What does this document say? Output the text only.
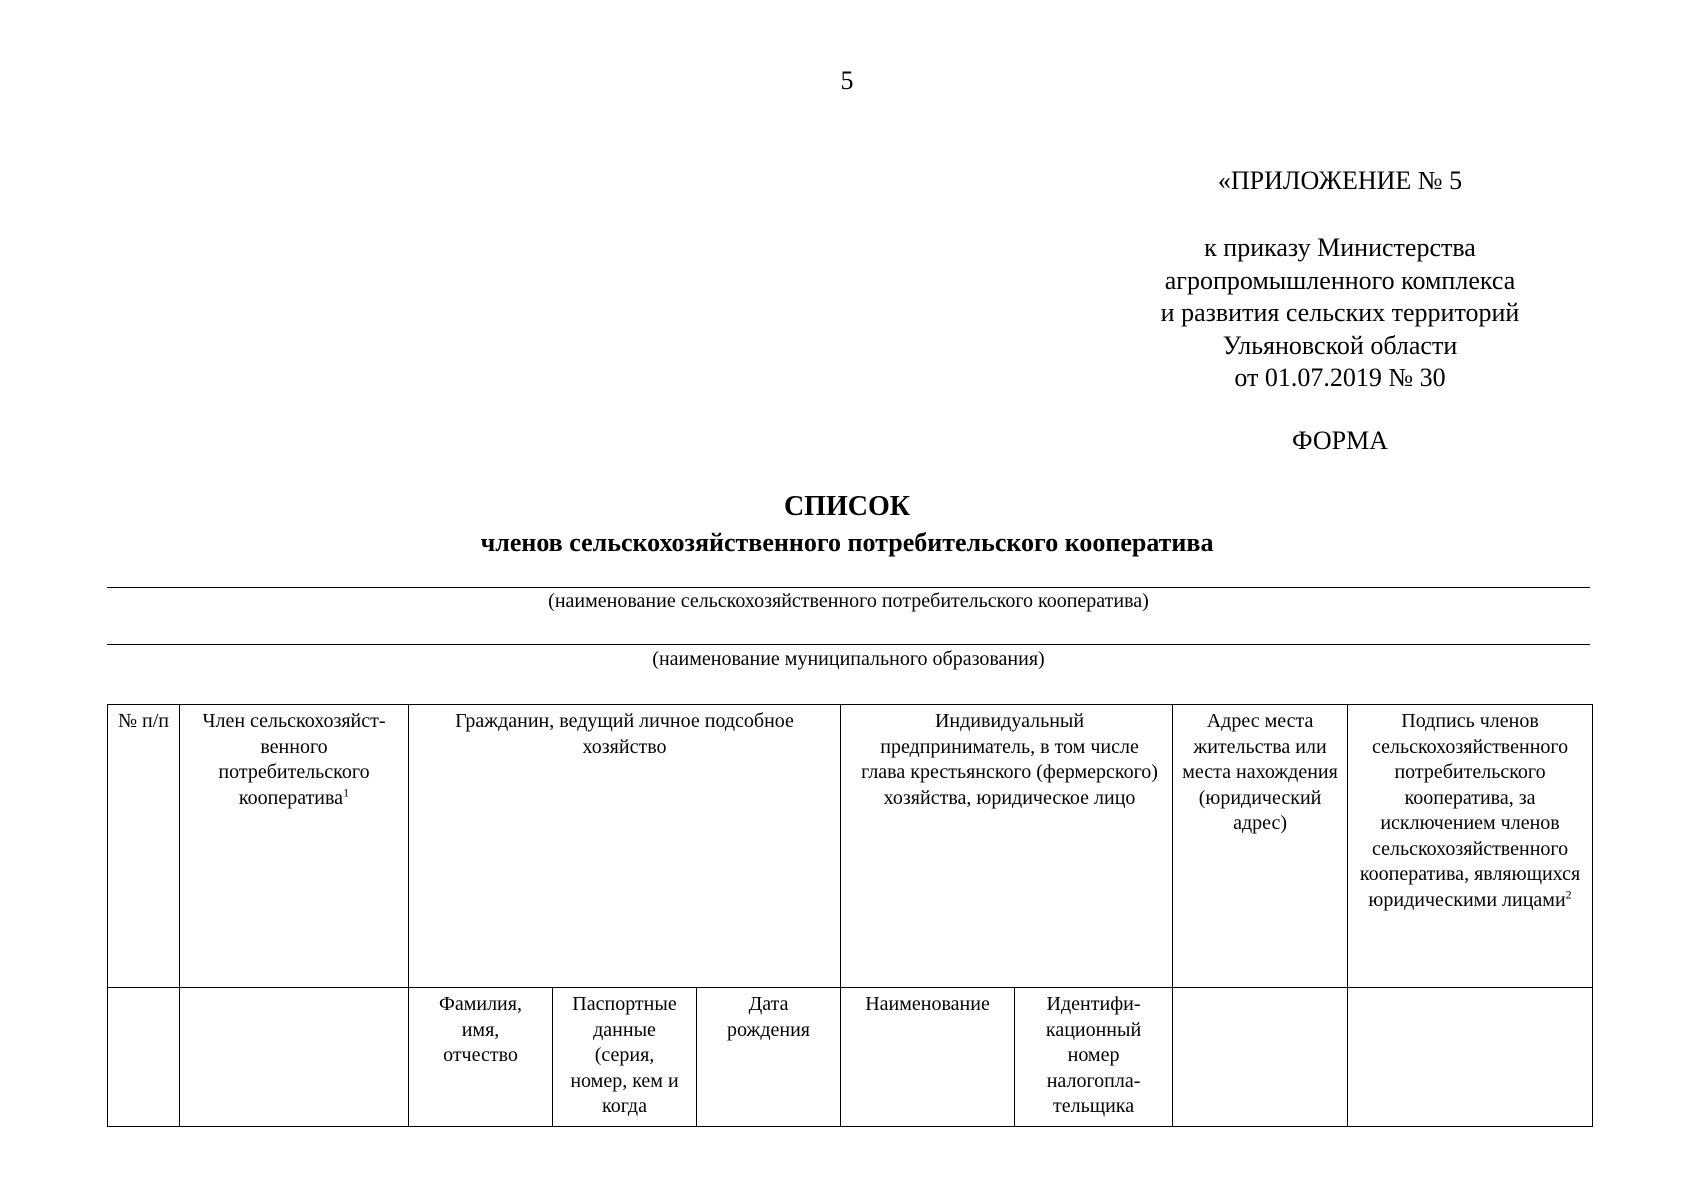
5
«ПРИЛОЖЕНИЕ № 5
к приказу Министерства
агропромышленного комплекса
и развития сельских территорий
Ульяновской области
от 01.07.2019 № 30
ФОРМА
СПИСОК
членов сельскохозяйственного потребительского кооператива
(наименование сельскохозяйственного потребительского кооператива)
(наименование муниципального образования)
№ п/п	Член сельскохозяйст-венного потребительского кооператива$^1$	Гражданин, ведущий личное подсобное хозяйство			Индивидуальный предприниматель, в том числе глава крестьянского (фермерского) хозяйства, юридическое лицо		Адрес места жительства или места нахождения (юридический адрес)	Подпись членов сельскохозяйственного потребительского кооператива, за исключением членов сельскохозяйственного кооператива, являющихся юридическими лицами$^2$
		Фамилия, имя, отчество	Паспортные данные (серия, номер, кем и когда	Дата рождения	Наименование	Идентифи-кационный номер налогопла-тельщика		
